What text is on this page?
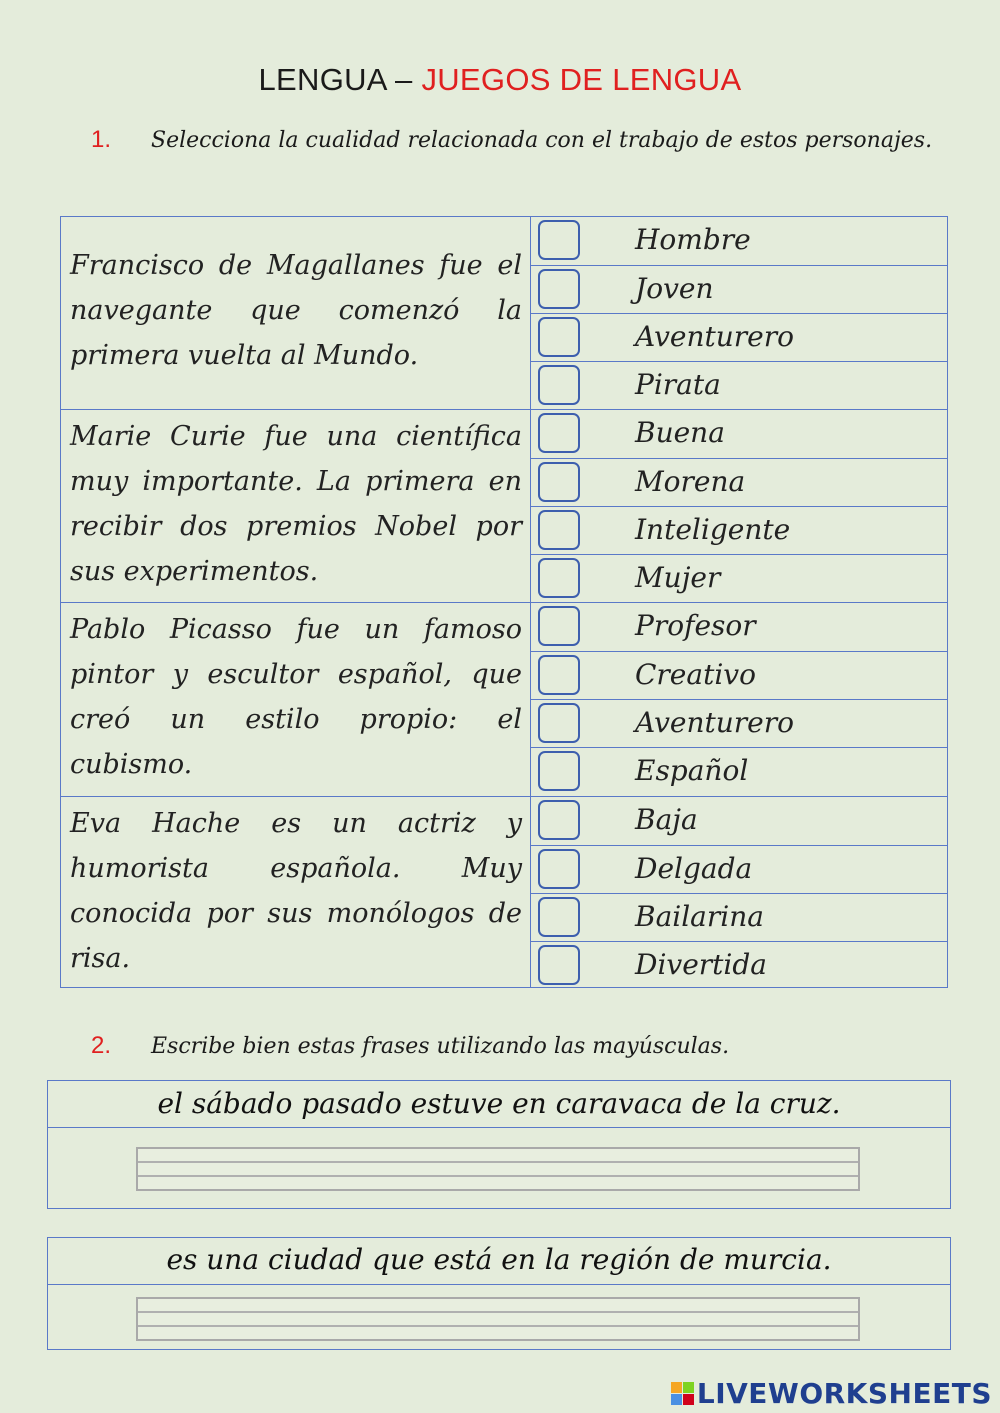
LENGUA – JUEGOS DE LENGUA
1. Selecciona la cualidad relacionada con el trabajo de estos personajes.
Francisco de Magallanes fue el navegante que comenzó la primera vuelta al Mundo.
Hombre
Joven
Aventurero
Pirata
Marie Curie fue una científica muy importante. La primera en recibir dos premios Nobel por sus experimentos.
Buena
Morena
Inteligente
Mujer
Pablo Picasso fue un famoso pintor y escultor español, que creó un estilo propio: el cubismo.
Profesor
Creativo
Aventurero
Español
Eva Hache es un actriz y humorista española. Muy conocida por sus monólogos de risa.
Baja
Delgada
Bailarina
Divertida
2. Escribe bien estas frases utilizando las mayúsculas.
el sábado pasado estuve en caravaca de la cruz.
es una ciudad que está en la región de murcia.
LIVEWORKSHEETS
